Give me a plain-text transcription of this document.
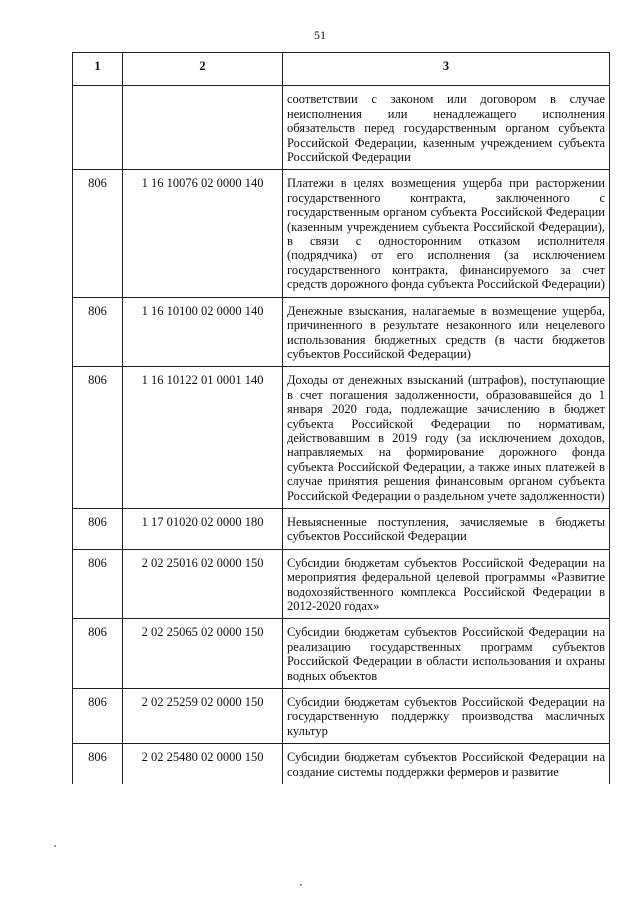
51
1	2	3
		соответствии с законом или договором в случае неисполнения или ненадлежащего исполнения обязательств перед государственным органом субъекта Российской Федерации, казенным учреждением субъекта Российской Федерации
806	1 16 10076 02 0000 140	Платежи в целях возмещения ущерба при расторжении государственного контракта, заключенного с государственным органом субъекта Российской Федерации (казенным учреждением субъекта Российской Федерации), в связи с односторонним отказом исполнителя (подрядчика) от его исполнения (за исключением государственного контракта, финансируемого за счет средств дорожного фонда субъекта Российской Федерации)
806	1 16 10100 02 0000 140	Денежные взыскания, налагаемые в возмещение ущерба, причиненного в результате незаконного или нецелевого использования бюджетных средств (в части бюджетов субъектов Российской Федерации)
806	1 16 10122 01 0001 140	Доходы от денежных взысканий (штрафов), поступающие в счет погашения задолженности, образовавшейся до 1 января 2020 года, подлежащие зачислению в бюджет субъекта Российской Федерации по нормативам, действовавшим в 2019 году (за исключением доходов, направляемых на формирование дорожного фонда субъекта Российской Федерации, а также иных платежей в случае принятия решения финансовым органом субъекта Российской Федерации о раздельном учете задолженности)
806	1 17 01020 02 0000 180	Невыясненные поступления, зачисляемые в бюджеты субъектов Российской Федерации
806	2 02 25016 02 0000 150	Субсидии бюджетам субъектов Российской Федерации на мероприятия федеральной целевой программы «Развитие водохозяйственного комплекса Российской Федерации в 2012-2020 годах»
806	2 02 25065 02 0000 150	Субсидии бюджетам субъектов Российской Федерации на реализацию государственных программ субъектов Российской Федерации в области использования и охраны водных объектов
806	2 02 25259 02 0000 150	Субсидии бюджетам субъектов Российской Федерации на государственную поддержку производства масличных культур
806	2 02 25480 02 0000 150	Субсидии бюджетам субъектов Российской Федерации на создание системы поддержки фермеров и развитие
